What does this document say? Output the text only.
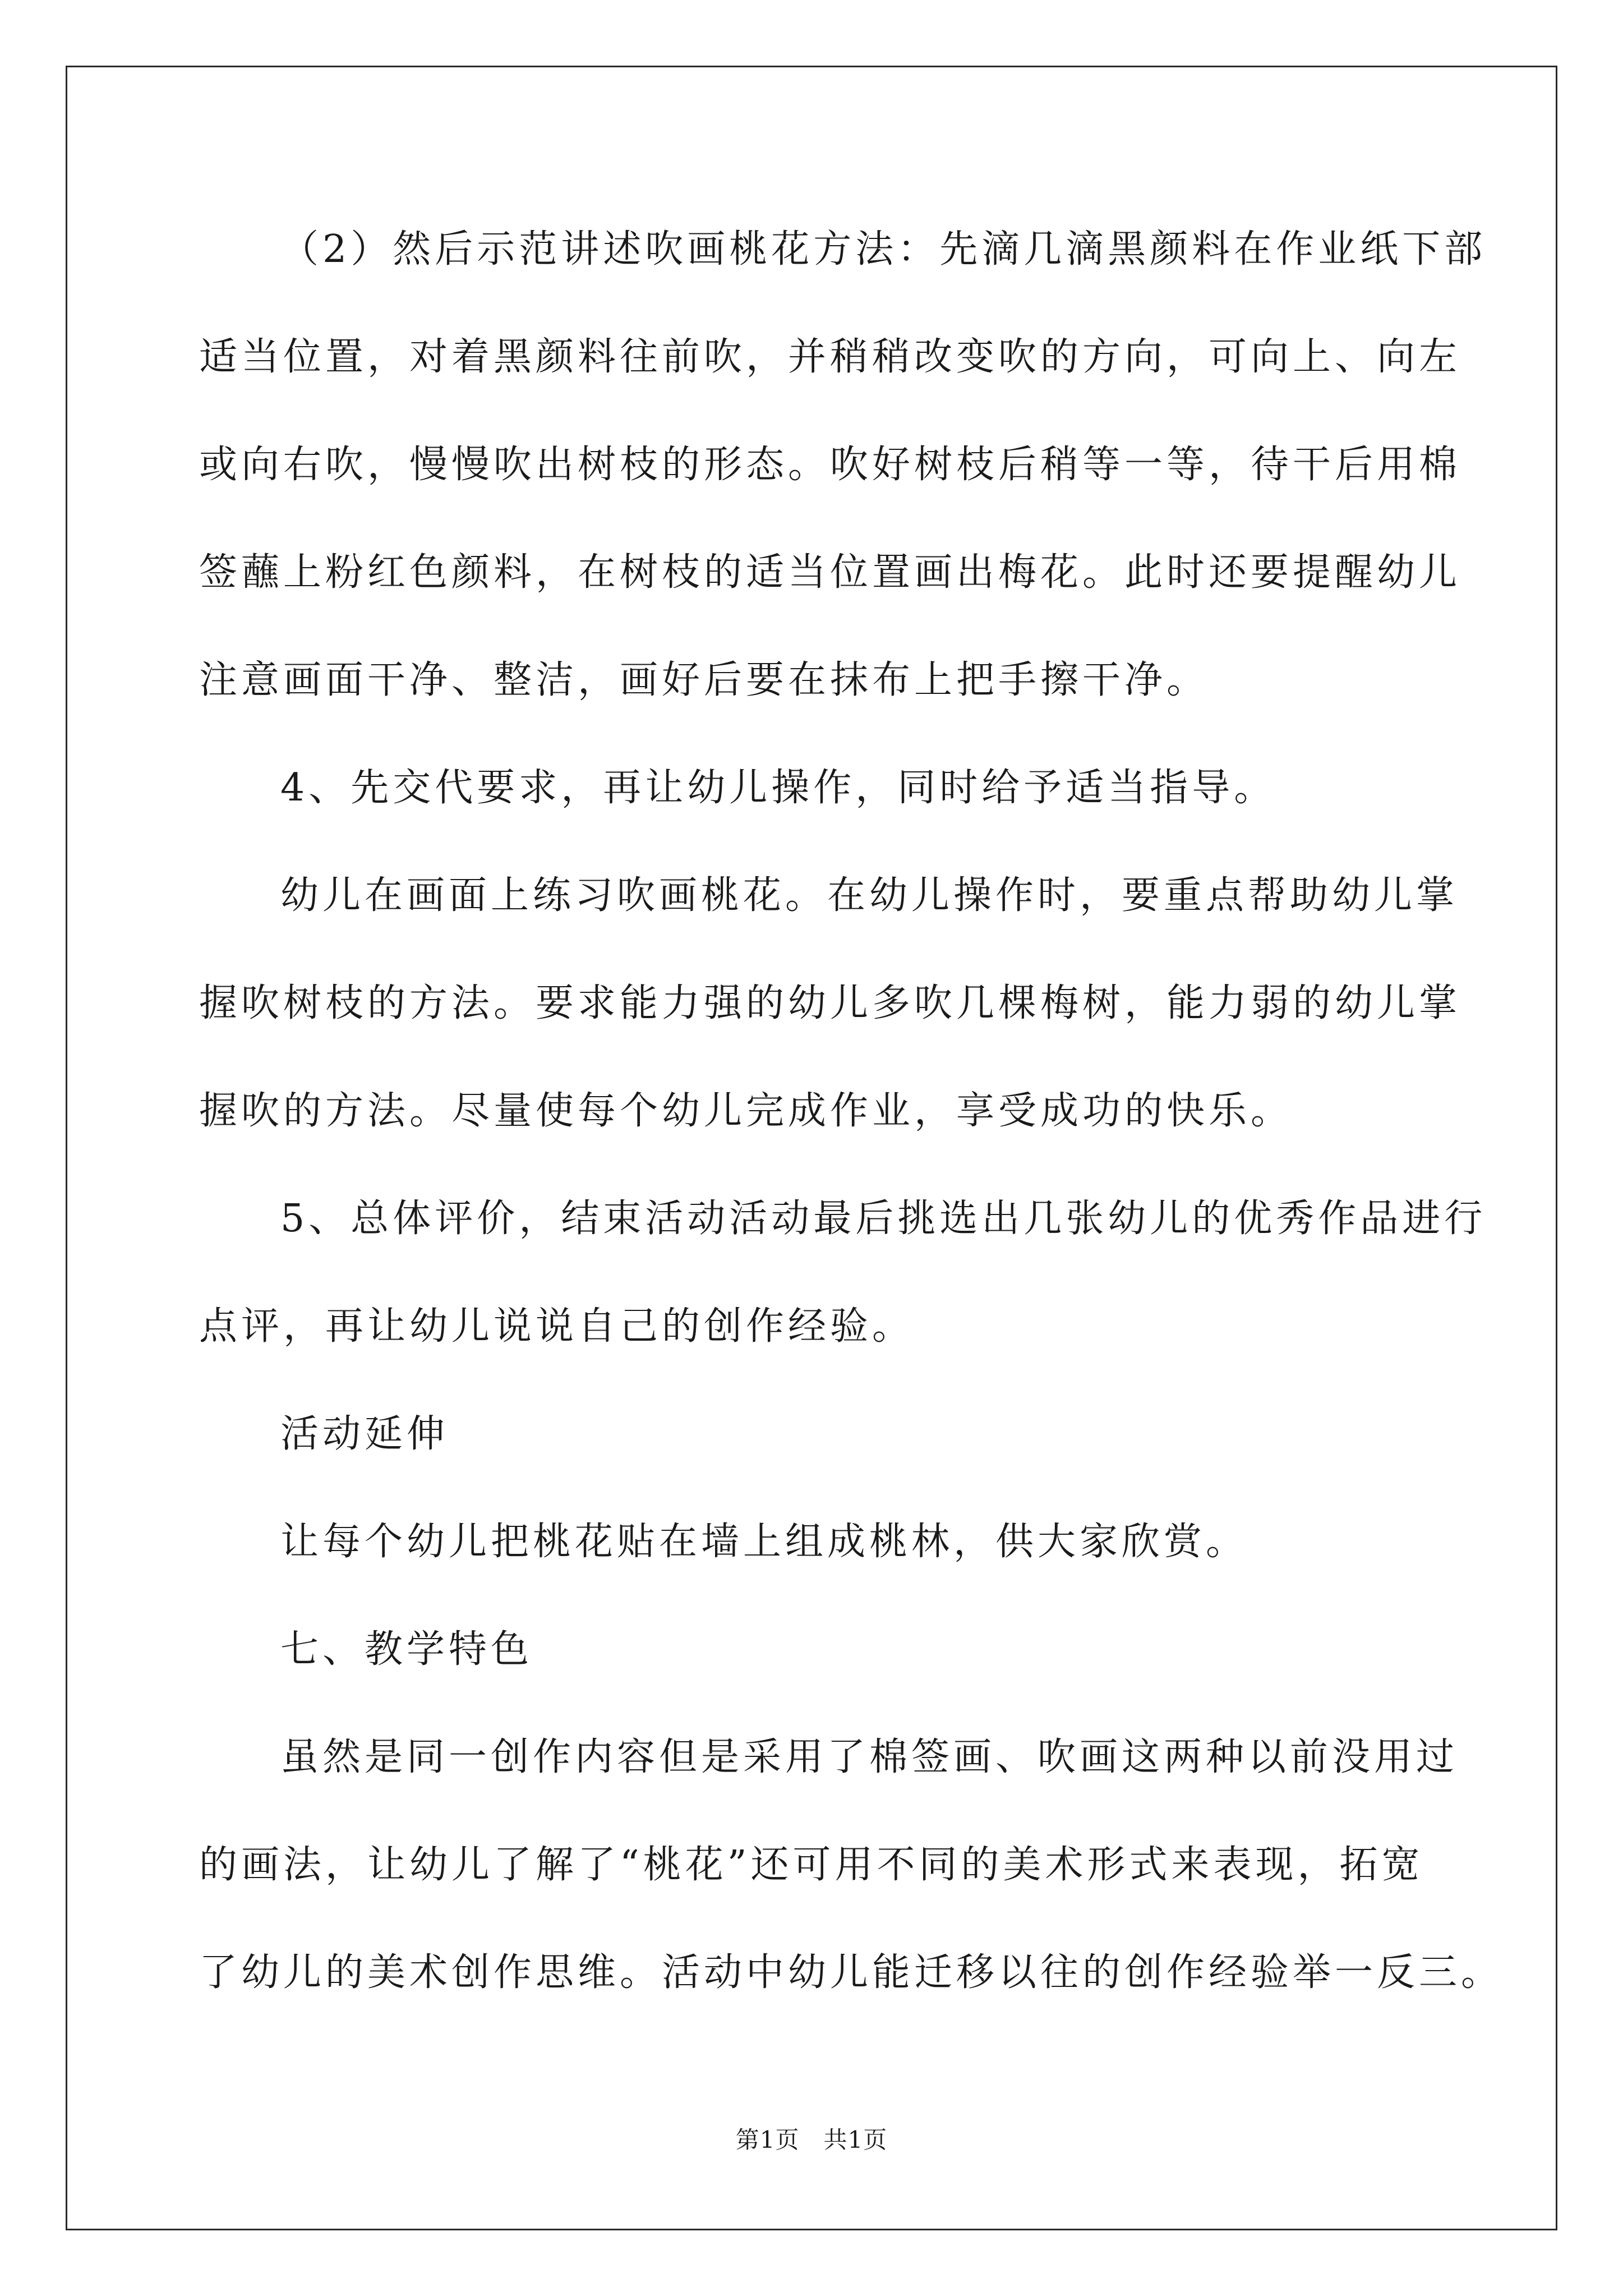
（2）然后示范讲述吹画桃花方法：先滴几滴黑颜料在作业纸下部
适当位置，对着黑颜料往前吹，并稍稍改变吹的方向，可向上、向左
或向右吹，慢慢吹出树枝的形态。吹好树枝后稍等一等，待干后用棉
签蘸上粉红色颜料，在树枝的适当位置画出梅花。此时还要提醒幼儿
注意画面干净、整洁，画好后要在抹布上把手擦干净。
4、先交代要求，再让幼儿操作，同时给予适当指导。
幼儿在画面上练习吹画桃花。在幼儿操作时，要重点帮助幼儿掌
握吹树枝的方法。要求能力强的幼儿多吹几棵梅树，能力弱的幼儿掌
握吹的方法。尽量使每个幼儿完成作业，享受成功的快乐。
5、总体评价，结束活动活动最后挑选出几张幼儿的优秀作品进行
点评，再让幼儿说说自己的创作经验。
活动延伸
让每个幼儿把桃花贴在墙上组成桃林，供大家欣赏。
七、教学特色
虽然是同一创作内容但是采用了棉签画、吹画这两种以前没用过
的画法，让幼儿了解了“桃花”还可用不同的美术形式来表现，拓宽
了幼儿的美术创作思维。活动中幼儿能迁移以往的创作经验举一反三。
第1页　共1页
